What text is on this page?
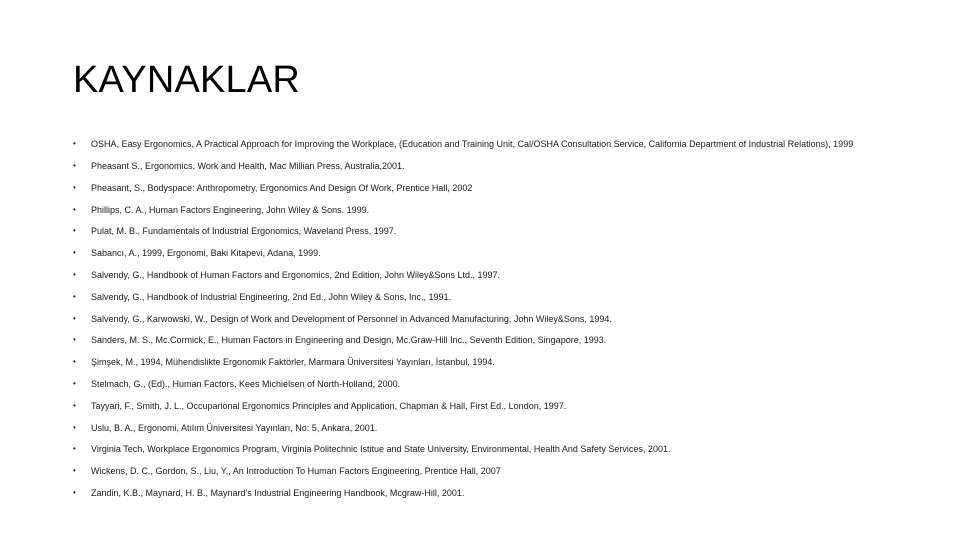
KAYNAKLAR
• OSHA, Easy Ergonomics, A Practical Approach for Improving the Workplace, (Education and Training Unit, Cal/OSHA Consultation Service, California Department of Industrial Relations), 1999
• Pheasant S., Ergonomics, Work and Health, Mac Millian Press, Australia,2001.
• Pheasant, S., Bodyspace: Anthropometry, Ergonomics And Design Of Work, Prentice Hall, 2002
• Phillips, C. A., Human Factors Engineering, John Wiley & Sons. 1999.
• Pulat, M. B., Fundamentals of Industrial Ergonomics, Waveland Press, 1997.
• Sabancı, A., 1999, Ergonomi, Baki Kitapevi, Adana, 1999.
• Salvendy, G., Handbook of Human Factors and Ergonomics, 2nd Edition, John Wiley&Sons Ltd., 1997.
• Salvendy, G., Handbook of Industrial Engineering, 2nd Ed., John Wiley & Sons, Inc., 1991.
• Salvendy, G., Karwowski, W., Design of Work and Development of Personnel in Advanced Manufacturing, John Wiley&Sons, 1994.
• Sanders, M. S., Mc.Cormick, E., Human Factors in Engineering and Design, Mc.Graw-Hill Inc., Seventh Edition, Singapore, 1993.
• Şimşek, M., 1994, Mühendislikte Ergonomik Faktörler, Marmara Üniversitesi Yayınları, İstanbul, 1994.
• Stelmach, G., (Ed)., Human Factors, Kees Michielsen of North-Holland, 2000.
• Tayyari, F., Smith, J. L., Occuparional Ergonomics Principles and Application, Chapman & Hall, First Ed., London, 1997.
• Uslu, B. A., Ergonomi, Atılım Üniversitesi Yayınları, No: 5, Ankara, 2001.
• Virginia Tech, Workplace Ergonomics Program, Virginia Politechnic Istitue and State University, Environmental, Health And Safety Services, 2001.
• Wickens, D. C., Gordon, S., Liu, Y., An Introduction To Human Factors Engineering, Prentice Hall, 2007
• Zandin, K.B., Maynard, H. B., Maynard's Industrial Engineering Handbook, Mcgraw-Hill, 2001.
